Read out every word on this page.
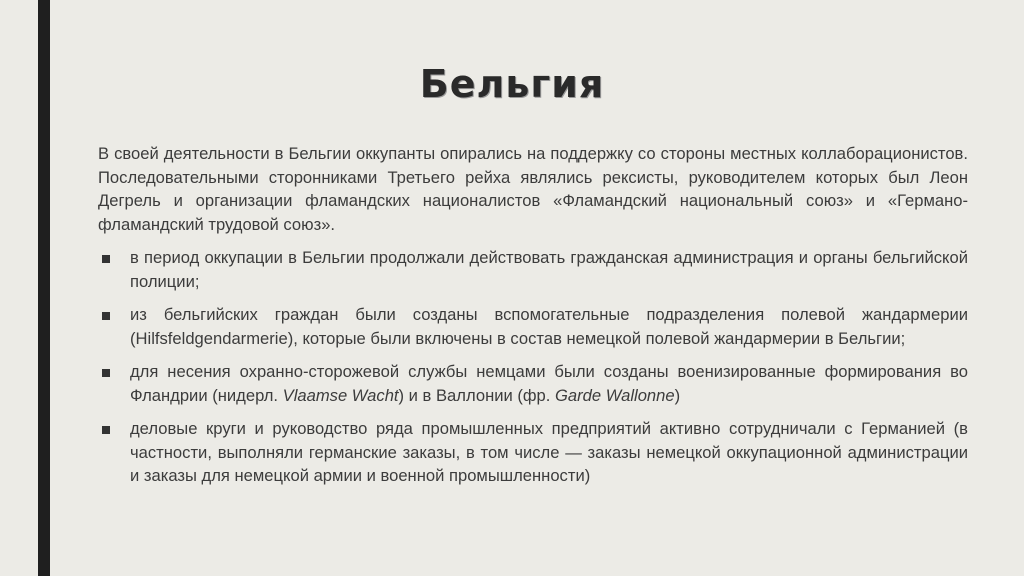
Бельгия

В своей деятельности в Бельгии оккупанты опирались на поддержку со стороны местных коллаборационистов. Последовательными сторонниками Третьего рейха являлись рексисты, руководителем которых был Леон Дегрель и организации фламандских националистов «Фламандский национальный союз» и «Германо-фламандский трудовой союз».

в период оккупации в Бельгии продолжали действовать гражданская администрация и органы бельгийской полиции;
из бельгийских граждан были созданы вспомогательные подразделения полевой жандармерии (Hilfsfeldgendarmerie), которые были включены в состав немецкой полевой жандармерии в Бельгии;
для несения охранно-сторожевой службы немцами были созданы военизированные формирования во Фландрии (нидерл. Vlaamse Wacht) и в Валлонии (фр. Garde Wallonne)
деловые круги и руководство ряда промышленных предприятий активно сотрудничали с Германией (в частности, выполняли германские заказы, в том числе — заказы немецкой оккупационной администрации и заказы для немецкой армии и военной промышленности)
